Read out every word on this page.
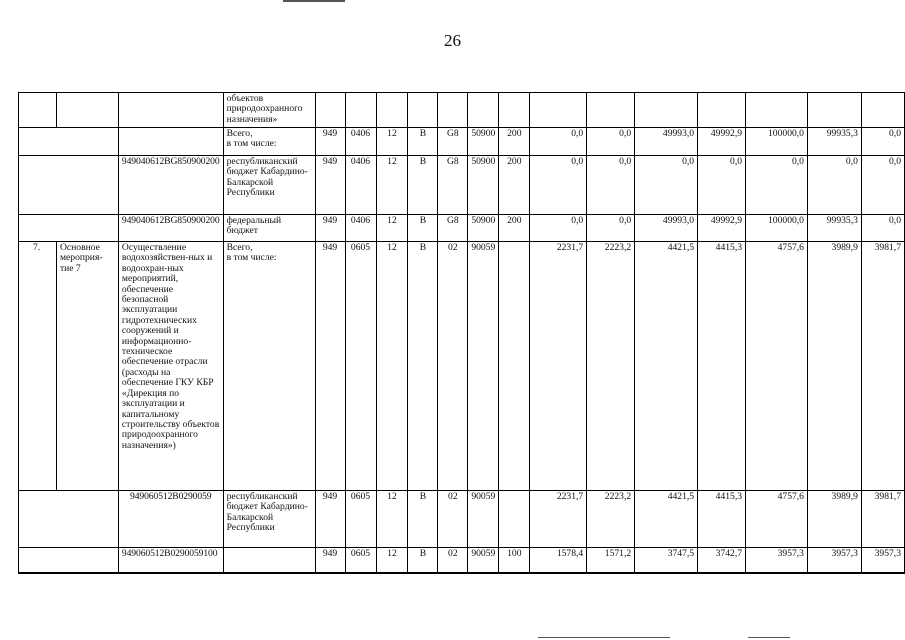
26
			объектов природоохранного назначения»														
			Всего,
в том числе:	949	0406	12	В	G8	50900	200	0,0	0,0	49993,0	49992,9	100000,0	99935,3	0,0
		949040612BG850900200	республиканский бюджет Кабардино-Балкарской Республики	949	0406	12	В	G8	50900	200	0,0	0,0	0,0	0,0	0,0	0,0	0,0
		949040612BG850900200	федеральный бюджет	949	0406	12	В	G8	50900	200	0,0	0,0	49993,0	49992,9	100000,0	99935,3	0,0
7.	Основное мероприя-тие 7	Осуществление водохозяйствен-ных и водоохран-ных мероприятий, обеспечение безопасной эксплуатации гидротехнических сооружений и информационно-техническое обеспечение отрасли (расходы на обеспечение ГКУ КБР «Дирекция по эксплуатации и капитальному строительству объектов природоохранного назначения»)	Всего,
в том числе:	949	0605	12	В	02	90059		2231,7	2223,2	4421,5	4415,3	4757,6	3989,9	3981,7
		949060512В0290059	республиканский бюджет Кабардино-Балкарской Республики	949	0605	12	В	02	90059		2231,7	2223,2	4421,5	4415,3	4757,6	3989,9	3981,7
		949060512В0290059100		949	0605	12	В	02	90059	100	1578,4	1571,2	3747,5	3742,7	3957,3	3957,3	3957,3
